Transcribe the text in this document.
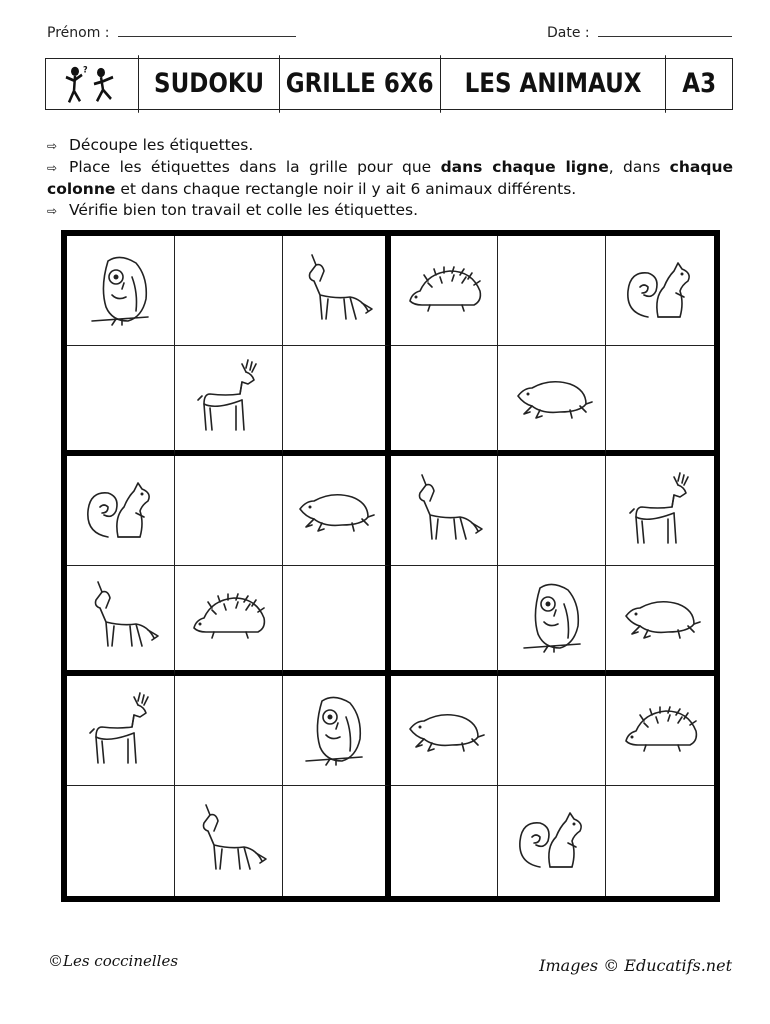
Prénom :	Date :
?	SUDOKU GRILLE 6X6	LES ANIMAUX	A3
⇨ Découpe les étiquettes.
⇨ Place les étiquettes dans la grille pour que dans chaque ligne, dans chaque colonne et dans chaque rectangle noir il y ait 6 animaux différents.
⇨ Vérifie bien ton travail et colle les étiquettes.
©Les coccinelles	Images © Educatifs.net
